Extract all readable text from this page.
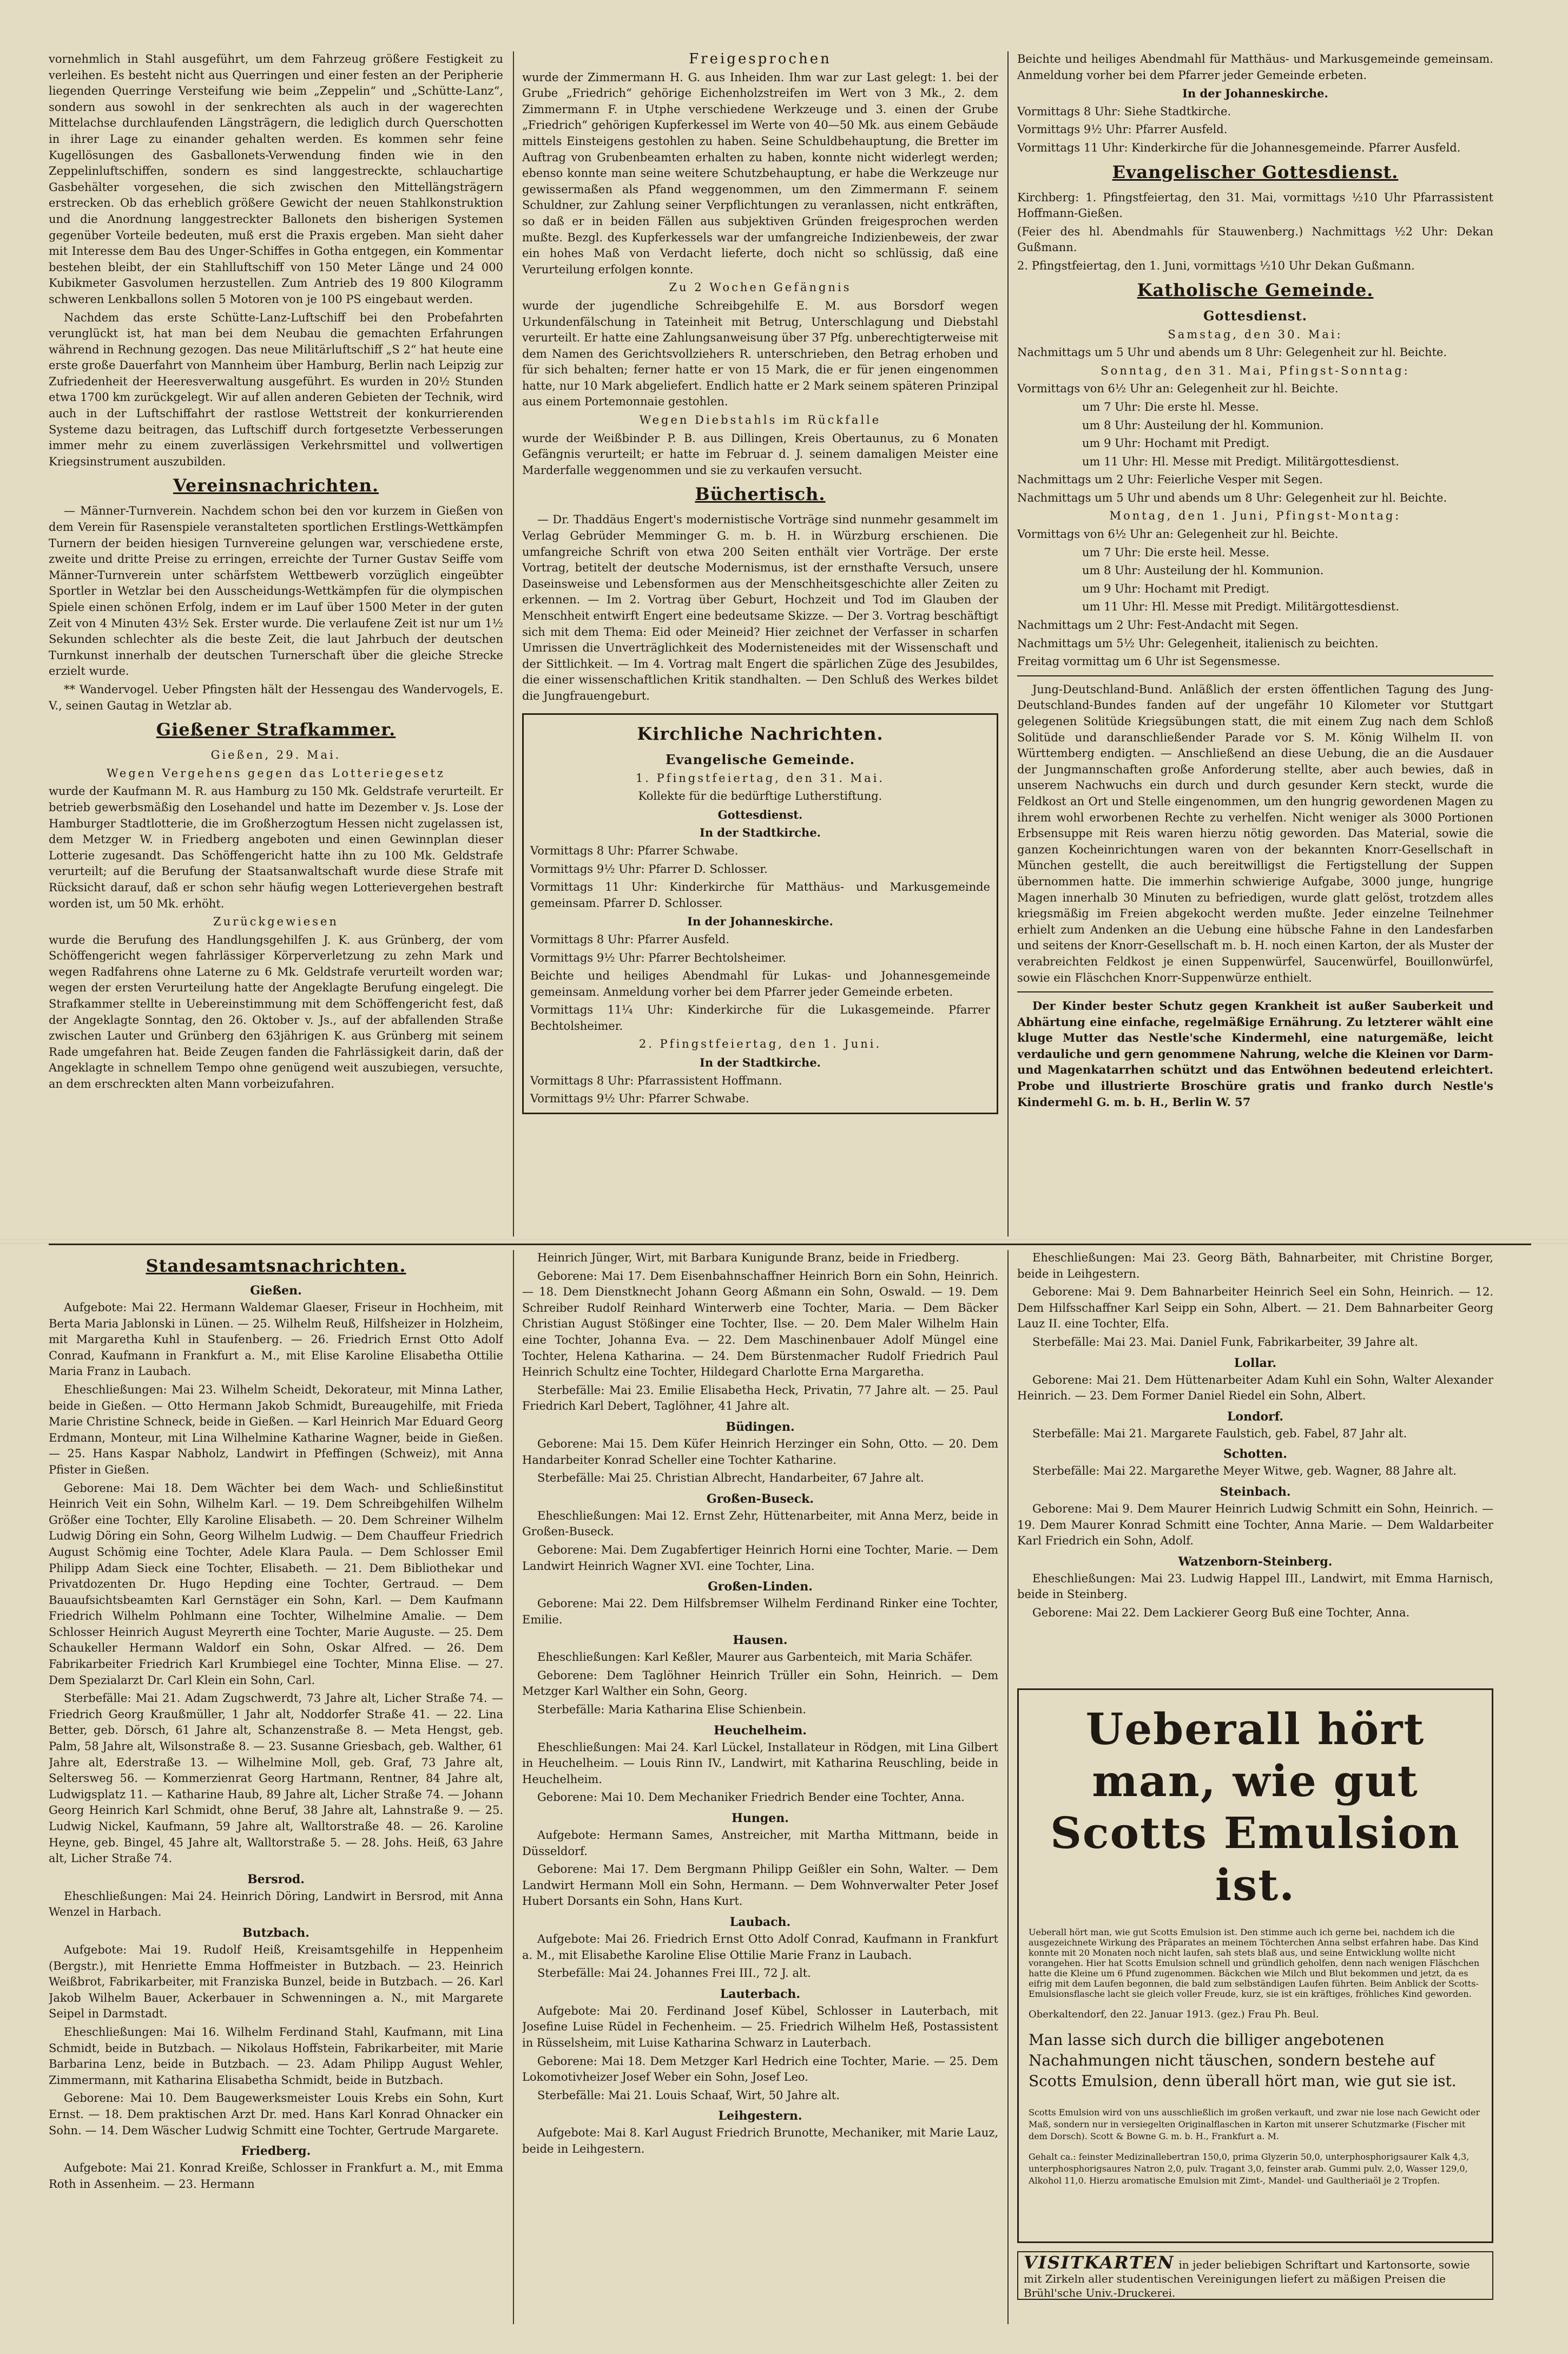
vornehmlich in Stahl ausgeführt, um dem Fahrzeug größere Festigkeit zu verleihen. Es besteht nicht aus Querringen und einer festen an der Peripherie liegenden Querringe Versteifung wie beim „Zeppelin“ und „Schütte-Lanz“, sondern aus sowohl in der senkrechten als auch in der wagerechten Mittelachse durchlaufenden Längsträgern, die lediglich durch Querschotten in ihrer Lage zu einander gehalten werden. Es kommen sehr feine Kugellösungen des Gasballonets-Verwendung finden wie in den Zeppelinluftschiffen, sondern es sind langgestreckte, schlauchartige Gasbehälter vorgesehen, die sich zwischen den Mittellängsträgern erstrecken. Ob das erheblich größere Gewicht der neuen Stahlkonstruktion und die Anordnung langgestreckter Ballonets den bisherigen Systemen gegenüber Vorteile bedeuten, muß erst die Praxis ergeben. Man sieht daher mit Interesse dem Bau des Unger-Schiffes in Gotha entgegen, ein Kommentar bestehen bleibt, der ein Stahlluftschiff von 150 Meter Länge und 24 000 Kubikmeter Gasvolumen herzustellen. Zum Antrieb des 19 800 Kilogramm schweren Lenkballons sollen 5 Motoren von je 100 PS eingebaut werden.

Nachdem das erste Schütte-Lanz-Luftschiff bei den Probefahrten verunglückt ist, hat man bei dem Neubau die gemachten Erfahrungen während in Rechnung gezogen. Das neue Militärluftschiff „S 2“ hat heute eine erste große Dauerfahrt von Mannheim über Hamburg, Berlin nach Leipzig zur Zufriedenheit der Heeresverwaltung ausgeführt. Es wurden in 20½ Stunden etwa 1700 km zurückgelegt. Wir auf allen anderen Gebieten der Technik, wird auch in der Luftschiffahrt der rastlose Wettstreit der konkurrierenden Systeme dazu beitragen, das Luftschiff durch fortgesetzte Verbesserungen immer mehr zu einem zuverlässigen Verkehrsmittel und vollwertigen Kriegsinstrument auszubilden.

Vereinsnachrichten.

— Männer-Turnverein. Nachdem schon bei den vor kurzem in Gießen von dem Verein für Rasenspiele veranstalteten sportlichen Erstlings-Wettkämpfen Turnern der beiden hiesigen Turnvereine gelungen war, verschiedene erste, zweite und dritte Preise zu erringen, erreichte der Turner Gustav Seiffe vom Männer-Turnverein unter schärfstem Wettbewerb vorzüglich eingeübter Sportler in Wetzlar bei den Ausscheidungs-Wettkämpfen für die olympischen Spiele einen schönen Erfolg, indem er im Lauf über 1500 Meter in der guten Zeit von 4 Minuten 43½ Sek. Erster wurde. Die verlaufene Zeit ist nur um 1½ Sekunden schlechter als die beste Zeit, die laut Jahrbuch der deutschen Turnkunst innerhalb der deutschen Turnerschaft über die gleiche Strecke erzielt wurde.

** Wandervogel. Ueber Pfingsten hält der Hessengau des Wandervogels, E. V., seinen Gautag in Wetzlar ab.

Gießener Strafkammer.

Gießen, 29. Mai.

Wegen Vergehens gegen das Lotteriegesetz

wurde der Kaufmann M. R. aus Hamburg zu 150 Mk. Geldstrafe verurteilt. Er betrieb gewerbsmäßig den Losehandel und hatte im Dezember v. Js. Lose der Hamburger Stadtlotterie, die im Großherzogtum Hessen nicht zugelassen ist, dem Metzger W. in Friedberg angeboten und einen Gewinnplan dieser Lotterie zugesandt. Das Schöffengericht hatte ihn zu 100 Mk. Geldstrafe verurteilt; auf die Berufung der Staatsanwaltschaft wurde diese Strafe mit Rücksicht darauf, daß er schon sehr häufig wegen Lotterievergehen bestraft worden ist, um 50 Mk. erhöht.

Zurückgewiesen

wurde die Berufung des Handlungsgehilfen J. K. aus Grünberg, der vom Schöffengericht wegen fahrlässiger Körperverletzung zu zehn Mark und wegen Radfahrens ohne Laterne zu 6 Mk. Geldstrafe verurteilt worden war; wegen der ersten Verurteilung hatte der Angeklagte Berufung eingelegt. Die Strafkammer stellte in Uebereinstimmung mit dem Schöffengericht fest, daß der Angeklagte Sonntag, den 26. Oktober v. Js., auf der abfallenden Straße zwischen Lauter und Grünberg den 63jährigen K. aus Grünberg mit seinem Rade umgefahren hat. Beide Zeugen fanden die Fahrlässigkeit darin, daß der Angeklagte in schnellem Tempo ohne genügend weit auszubiegen, versuchte, an dem erschreckten alten Mann vorbeizufahren.

Freigesprochen

wurde der Zimmermann H. G. aus Inheiden. Ihm war zur Last gelegt: 1. bei der Grube „Friedrich“ gehörige Eichenholzstreifen im Wert von 3 Mk., 2. dem Zimmermann F. in Utphe verschiedene Werkzeuge und 3. einen der Grube „Friedrich“ gehörigen Kupferkessel im Werte von 40—50 Mk. aus einem Gebäude mittels Einsteigens gestohlen zu haben. Seine Schuldbehauptung, die Bretter im Auftrag von Grubenbeamten erhalten zu haben, konnte nicht widerlegt werden; ebenso konnte man seine weitere Schutzbehauptung, er habe die Werkzeuge nur gewissermaßen als Pfand weggenommen, um den Zimmermann F. seinem Schuldner, zur Zahlung seiner Verpflichtungen zu veranlassen, nicht entkräften, so daß er in beiden Fällen aus subjektiven Gründen freigesprochen werden mußte. Bezgl. des Kupferkessels war der umfangreiche Indizienbeweis, der zwar ein hohes Maß von Verdacht lieferte, doch nicht so schlüssig, daß eine Verurteilung erfolgen konnte.

Zu 2 Wochen Gefängnis

wurde der jugendliche Schreibgehilfe E. M. aus Borsdorf wegen Urkundenfälschung in Tateinheit mit Betrug, Unterschlagung und Diebstahl verurteilt. Er hatte eine Zahlungsanweisung über 37 Pfg. unberechtigterweise mit dem Namen des Gerichtsvollziehers R. unterschrieben, den Betrag erhoben und für sich behalten; ferner hatte er von 15 Mark, die er für jenen eingenommen hatte, nur 10 Mark abgeliefert. Endlich hatte er 2 Mark seinem späteren Prinzipal aus einem Portemonnaie gestohlen.

Wegen Diebstahls im Rückfalle

wurde der Weißbinder P. B. aus Dillingen, Kreis Obertaunus, zu 6 Monaten Gefängnis verurteilt; er hatte im Februar d. J. seinem damaligen Meister eine Marderfalle weggenommen und sie zu verkaufen versucht.

Büchertisch.

— Dr. Thaddäus Engert's modernistische Vorträge sind nunmehr gesammelt im Verlag Gebrüder Memminger G. m. b. H. in Würzburg erschienen. Die umfangreiche Schrift von etwa 200 Seiten enthält vier Vorträge. Der erste Vortrag, betitelt der deutsche Modernismus, ist der ernsthafte Versuch, unsere Daseinsweise und Lebensformen aus der Menschheitsgeschichte aller Zeiten zu erkennen. — Im 2. Vortrag über Geburt, Hochzeit und Tod im Glauben der Menschheit entwirft Engert eine bedeutsame Skizze. — Der 3. Vortrag beschäftigt sich mit dem Thema: Eid oder Meineid? Hier zeichnet der Verfasser in scharfen Umrissen die Unverträglichkeit des Modernisteneides mit der Wissenschaft und der Sittlichkeit. — Im 4. Vortrag malt Engert die spärlichen Züge des Jesubildes, die einer wissenschaftlichen Kritik standhalten. — Den Schluß des Werkes bildet die Jungfrauengeburt.

Kirchliche Nachrichten.
Evangelische Gemeinde.

1. Pfingstfeiertag, den 31. Mai.

Kollekte für die bedürftige Lutherstiftung.

Gottesdienst.

In der Stadtkirche.

Vormittags 8 Uhr: Pfarrer Schwabe.

Vormittags 9½ Uhr: Pfarrer D. Schlosser.

Vormittags 11 Uhr: Kinderkirche für Matthäus- und Markusgemeinde gemeinsam. Pfarrer D. Schlosser.

In der Johanneskirche.

Vormittags 8 Uhr: Pfarrer Ausfeld.

Vormittags 9½ Uhr: Pfarrer Bechtolsheimer.

Beichte und heiliges Abendmahl für Lukas- und Johannesgemeinde gemeinsam. Anmeldung vorher bei dem Pfarrer jeder Gemeinde erbeten.

Vormittags 11¼ Uhr: Kinderkirche für die Lukasgemeinde. Pfarrer Bechtolsheimer.

2. Pfingstfeiertag, den 1. Juni.

In der Stadtkirche.

Vormittags 8 Uhr: Pfarrassistent Hoffmann.

Vormittags 9½ Uhr: Pfarrer Schwabe.

Beichte und heiliges Abendmahl für Matthäus- und Markusgemeinde gemeinsam. Anmeldung vorher bei dem Pfarrer jeder Gemeinde erbeten.

In der Johanneskirche.

Vormittags 8 Uhr: Siehe Stadtkirche.

Vormittags 9½ Uhr: Pfarrer Ausfeld.

Vormittags 11 Uhr: Kinderkirche für die Johannesgemeinde. Pfarrer Ausfeld.

Evangelischer Gottesdienst.

Kirchberg: 1. Pfingstfeiertag, den 31. Mai, vormittags ½10 Uhr Pfarrassistent Hoffmann-Gießen.

(Feier des hl. Abendmahls für Stauwenberg.) Nachmittags ½2 Uhr: Dekan Gußmann.

2. Pfingstfeiertag, den 1. Juni, vormittags ½10 Uhr Dekan Gußmann.

Katholische Gemeinde.
Gottesdienst.

Samstag, den 30. Mai:

Nachmittags um 5 Uhr und abends um 8 Uhr: Gelegenheit zur hl. Beichte.

Sonntag, den 31. Mai, Pfingst-Sonntag:

Vormittags von 6½ Uhr an: Gelegenheit zur hl. Beichte.

um 7 Uhr: Die erste hl. Messe.

um 8 Uhr: Austeilung der hl. Kommunion.

um 9 Uhr: Hochamt mit Predigt.

um 11 Uhr: Hl. Messe mit Predigt. Militärgottesdienst.

Nachmittags um 2 Uhr: Feierliche Vesper mit Segen.

Nachmittags um 5 Uhr und abends um 8 Uhr: Gelegenheit zur hl. Beichte.

Montag, den 1. Juni, Pfingst-Montag:

Vormittags von 6½ Uhr an: Gelegenheit zur hl. Beichte.

um 7 Uhr: Die erste heil. Messe.

um 8 Uhr: Austeilung der hl. Kommunion.

um 9 Uhr: Hochamt mit Predigt.

um 11 Uhr: Hl. Messe mit Predigt. Militärgottesdienst.

Nachmittags um 2 Uhr: Fest-Andacht mit Segen.

Nachmittags um 5½ Uhr: Gelegenheit, italienisch zu beichten.

Freitag vormittag um 6 Uhr ist Segensmesse.

Jung-Deutschland-Bund. Anläßlich der ersten öffentlichen Tagung des Jung-Deutschland-Bundes fanden auf der ungefähr 10 Kilometer vor Stuttgart gelegenen Solitüde Kriegsübungen statt, die mit einem Zug nach dem Schloß Solitüde und daranschließender Parade vor S. M. König Wilhelm II. von Württemberg endigten. — Anschließend an diese Uebung, die an die Ausdauer der Jungmannschaften große Anforderung stellte, aber auch bewies, daß in unserem Nachwuchs ein durch und durch gesunder Kern steckt, wurde die Feldkost an Ort und Stelle eingenommen, um den hungrig gewordenen Magen zu ihrem wohl erworbenen Rechte zu verhelfen. Nicht weniger als 3000 Portionen Erbsensuppe mit Reis waren hierzu nötig geworden. Das Material, sowie die ganzen Kocheinrichtungen waren von der bekannten Knorr-Gesellschaft in München gestellt, die auch bereitwilligst die Fertigstellung der Suppen übernommen hatte. Die immerhin schwierige Aufgabe, 3000 junge, hungrige Magen innerhalb 30 Minuten zu befriedigen, wurde glatt gelöst, trotzdem alles kriegsmäßig im Freien abgekocht werden mußte. Jeder einzelne Teilnehmer erhielt zum Andenken an die Uebung eine hübsche Fahne in den Landesfarben und seitens der Knorr-Gesellschaft m. b. H. noch einen Karton, der als Muster der verabreichten Feldkost je einen Suppenwürfel, Saucenwürfel, Bouillonwürfel, sowie ein Fläschchen Knorr-Suppenwürze enthielt.

Der Kinder bester Schutz gegen Krankheit ist außer Sauberkeit und Abhärtung eine einfache, regelmäßige Ernährung. Zu letzterer wählt eine kluge Mutter das Nestle'sche Kindermehl, eine naturgemäße, leicht verdauliche und gern genommene Nahrung, welche die Kleinen vor Darm- und Magenkatarrhen schützt und das Entwöhnen bedeutend erleichtert. Probe und illustrierte Broschüre gratis und franko durch Nestle's Kindermehl G. m. b. H., Berlin W. 57

Standesamtsnachrichten.
Gießen.

Aufgebote: Mai 22. Hermann Waldemar Glaeser, Friseur in Hochheim, mit Berta Maria Jablonski in Lünen. — 25. Wilhelm Reuß, Hilfsheizer in Holzheim, mit Margaretha Kuhl in Staufenberg. — 26. Friedrich Ernst Otto Adolf Conrad, Kaufmann in Frankfurt a. M., mit Elise Karoline Elisabetha Ottilie Maria Franz in Laubach.

Eheschließungen: Mai 23. Wilhelm Scheidt, Dekorateur, mit Minna Lather, beide in Gießen. — Otto Hermann Jakob Schmidt, Bureaugehilfe, mit Frieda Marie Christine Schneck, beide in Gießen. — Karl Heinrich Mar Eduard Georg Erdmann, Monteur, mit Lina Wilhelmine Katharine Wagner, beide in Gießen. — 25. Hans Kaspar Nabholz, Landwirt in Pfeffingen (Schweiz), mit Anna Pfister in Gießen.

Geborene: Mai 18. Dem Wächter bei dem Wach- und Schließinstitut Heinrich Veit ein Sohn, Wilhelm Karl. — 19. Dem Schreibgehilfen Wilhelm Größer eine Tochter, Elly Karoline Elisabeth. — 20. Dem Schreiner Wilhelm Ludwig Döring ein Sohn, Georg Wilhelm Ludwig. — Dem Chauffeur Friedrich August Schömig eine Tochter, Adele Klara Paula. — Dem Schlosser Emil Philipp Adam Sieck eine Tochter, Elisabeth. — 21. Dem Bibliothekar und Privatdozenten Dr. Hugo Hepding eine Tochter, Gertraud. — Dem Bauaufsichtsbeamten Karl Gernstäger ein Sohn, Karl. — Dem Kaufmann Friedrich Wilhelm Pohlmann eine Tochter, Wilhelmine Amalie. — Dem Schlosser Heinrich August Meyrerth eine Tochter, Marie Auguste. — 25. Dem Schaukeller Hermann Waldorf ein Sohn, Oskar Alfred. — 26. Dem Fabrikarbeiter Friedrich Karl Krumbiegel eine Tochter, Minna Elise. — 27. Dem Spezialarzt Dr. Carl Klein ein Sohn, Carl.

Sterbefälle: Mai 21. Adam Zugschwerdt, 73 Jahre alt, Licher Straße 74. — Friedrich Georg Kraußmüller, 1 Jahr alt, Noddorfer Straße 41. — 22. Lina Better, geb. Dörsch, 61 Jahre alt, Schanzenstraße 8. — Meta Hengst, geb. Palm, 58 Jahre alt, Wilsonstraße 8. — 23. Susanne Griesbach, geb. Walther, 61 Jahre alt, Ederstraße 13. — Wilhelmine Moll, geb. Graf, 73 Jahre alt, Seltersweg 56. — Kommerzienrat Georg Hartmann, Rentner, 84 Jahre alt, Ludwigsplatz 11. — Katharine Haub, 89 Jahre alt, Licher Straße 74. — Johann Georg Heinrich Karl Schmidt, ohne Beruf, 38 Jahre alt, Lahnstraße 9. — 25. Ludwig Nickel, Kaufmann, 59 Jahre alt, Walltorstraße 48. — 26. Karoline Heyne, geb. Bingel, 45 Jahre alt, Walltorstraße 5. — 28. Johs. Heiß, 63 Jahre alt, Licher Straße 74.

Bersrod.

Eheschließungen: Mai 24. Heinrich Döring, Landwirt in Bersrod, mit Anna Wenzel in Harbach.

Butzbach.

Aufgebote: Mai 19. Rudolf Heiß, Kreisamtsgehilfe in Heppenheim (Bergstr.), mit Henriette Emma Hoffmeister in Butzbach. — 23. Heinrich Weißbrot, Fabrikarbeiter, mit Franziska Bunzel, beide in Butzbach. — 26. Karl Jakob Wilhelm Bauer, Ackerbauer in Schwenningen a. N., mit Margarete Seipel in Darmstadt.

Eheschließungen: Mai 16. Wilhelm Ferdinand Stahl, Kaufmann, mit Lina Schmidt, beide in Butzbach. — Nikolaus Hoffstein, Fabrikarbeiter, mit Marie Barbarina Lenz, beide in Butzbach. — 23. Adam Philipp August Wehler, Zimmermann, mit Katharina Elisabetha Schmidt, beide in Butzbach.

Geborene: Mai 10. Dem Baugewerksmeister Louis Krebs ein Sohn, Kurt Ernst. — 18. Dem praktischen Arzt Dr. med. Hans Karl Konrad Ohnacker ein Sohn. — 14. Dem Wäscher Ludwig Schmitt eine Tochter, Gertrude Margarete.

Friedberg.

Aufgebote: Mai 21. Konrad Kreiße, Schlosser in Frankfurt a. M., mit Emma Roth in Assenheim. — 23. Hermann

Heinrich Jünger, Wirt, mit Barbara Kunigunde Branz, beide in Friedberg.

Geborene: Mai 17. Dem Eisenbahnschaffner Heinrich Born ein Sohn, Heinrich. — 18. Dem Dienstknecht Johann Georg Aßmann ein Sohn, Oswald. — 19. Dem Schreiber Rudolf Reinhard Winterwerb eine Tochter, Maria. — Dem Bäcker Christian August Stößinger eine Tochter, Ilse. — 20. Dem Maler Wilhelm Hain eine Tochter, Johanna Eva. — 22. Dem Maschinenbauer Adolf Müngel eine Tochter, Helena Katharina. — 24. Dem Bürstenmacher Rudolf Friedrich Paul Heinrich Schultz eine Tochter, Hildegard Charlotte Erna Margaretha.

Sterbefälle: Mai 23. Emilie Elisabetha Heck, Privatin, 77 Jahre alt. — 25. Paul Friedrich Karl Debert, Taglöhner, 41 Jahre alt.

Büdingen.

Geborene: Mai 15. Dem Küfer Heinrich Herzinger ein Sohn, Otto. — 20. Dem Handarbeiter Konrad Scheller eine Tochter Katharine.

Sterbefälle: Mai 25. Christian Albrecht, Handarbeiter, 67 Jahre alt.

Großen-Buseck.

Eheschließungen: Mai 12. Ernst Zehr, Hüttenarbeiter, mit Anna Merz, beide in Großen-Buseck.

Geborene: Mai. Dem Zugabfertiger Heinrich Horni eine Tochter, Marie. — Dem Landwirt Heinrich Wagner XVI. eine Tochter, Lina.

Großen-Linden.

Geborene: Mai 22. Dem Hilfsbremser Wilhelm Ferdinand Rinker eine Tochter, Emilie.

Hausen.

Eheschließungen: Karl Keßler, Maurer aus Garbenteich, mit Maria Schäfer.

Geborene: Dem Taglöhner Heinrich Trüller ein Sohn, Heinrich. — Dem Metzger Karl Walther ein Sohn, Georg.

Sterbefälle: Maria Katharina Elise Schienbein.

Heuchelheim.

Eheschließungen: Mai 24. Karl Lückel, Installateur in Rödgen, mit Lina Gilbert in Heuchelheim. — Louis Rinn IV., Landwirt, mit Katharina Reuschling, beide in Heuchelheim.

Geborene: Mai 10. Dem Mechaniker Friedrich Bender eine Tochter, Anna.

Hungen.

Aufgebote: Hermann Sames, Anstreicher, mit Martha Mittmann, beide in Düsseldorf.

Geborene: Mai 17. Dem Bergmann Philipp Geißler ein Sohn, Walter. — Dem Landwirt Hermann Moll ein Sohn, Hermann. — Dem Wohnverwalter Peter Josef Hubert Dorsants ein Sohn, Hans Kurt.

Laubach.

Aufgebote: Mai 26. Friedrich Ernst Otto Adolf Conrad, Kaufmann in Frankfurt a. M., mit Elisabethe Karoline Elise Ottilie Marie Franz in Laubach.

Sterbefälle: Mai 24. Johannes Frei III., 72 J. alt.

Lauterbach.

Aufgebote: Mai 20. Ferdinand Josef Kübel, Schlosser in Lauterbach, mit Josefine Luise Rüdel in Fechenheim. — 25. Friedrich Wilhelm Heß, Postassistent in Rüsselsheim, mit Luise Katharina Schwarz in Lauterbach.

Geborene: Mai 18. Dem Metzger Karl Hedrich eine Tochter, Marie. — 25. Dem Lokomotivheizer Josef Weber ein Sohn, Josef Leo.

Sterbefälle: Mai 21. Louis Schaaf, Wirt, 50 Jahre alt.

Leihgestern.

Aufgebote: Mai 8. Karl August Friedrich Brunotte, Mechaniker, mit Marie Lauz, beide in Leihgestern.

Eheschließungen: Mai 23. Georg Bäth, Bahnarbeiter, mit Christine Borger, beide in Leihgestern.

Geborene: Mai 9. Dem Bahnarbeiter Heinrich Seel ein Sohn, Heinrich. — 12. Dem Hilfsschaffner Karl Seipp ein Sohn, Albert. — 21. Dem Bahnarbeiter Georg Lauz II. eine Tochter, Elfa.

Sterbefälle: Mai 23. Mai. Daniel Funk, Fabrikarbeiter, 39 Jahre alt.

Lollar.

Geborene: Mai 21. Dem Hüttenarbeiter Adam Kuhl ein Sohn, Walter Alexander Heinrich. — 23. Dem Former Daniel Riedel ein Sohn, Albert.

Londorf.

Sterbefälle: Mai 21. Margarete Faulstich, geb. Fabel, 87 Jahr alt.

Schotten.

Sterbefälle: Mai 22. Margarethe Meyer Witwe, geb. Wagner, 88 Jahre alt.

Steinbach.

Geborene: Mai 9. Dem Maurer Heinrich Ludwig Schmitt ein Sohn, Heinrich. — 19. Dem Maurer Konrad Schmitt eine Tochter, Anna Marie. — Dem Waldarbeiter Karl Friedrich ein Sohn, Adolf.

Watzenborn-Steinberg.

Eheschließungen: Mai 23. Ludwig Happel III., Landwirt, mit Emma Harnisch, beide in Steinberg.

Geborene: Mai 22. Dem Lackierer Georg Buß eine Tochter, Anna.

Ueberall hört man, wie gut Scotts Emulsion ist.

Ueberall hört man, wie gut Scotts Emulsion ist. Den stimme auch ich gerne bei, nachdem ich die ausgezeichnete Wirkung des Präparates an meinem Töchterchen Anna selbst erfahren habe. Das Kind konnte mit 20 Monaten noch nicht laufen, sah stets blaß aus, und seine Entwicklung wollte nicht vorangehen. Hier hat Scotts Emulsion schnell und gründlich geholfen, denn nach wenigen Fläschchen hatte die Kleine um 6 Pfund zugenommen. Bäckchen wie Milch und Blut bekommen und jetzt, da es eifrig mit dem Laufen begonnen, die bald zum selbständigen Laufen führten. Beim Anblick der Scotts-Emulsionsflasche lacht sie gleich voller Freude, kurz, sie ist ein kräftiges, fröhliches Kind geworden.

Oberkaltendorf, den 22. Januar 1913. (gez.) Frau Ph. Beul.

Man lasse sich durch die billiger angebotenen Nachahmungen nicht täuschen, sondern bestehe auf Scotts Emulsion, denn überall hört man, wie gut sie ist.

Scotts Emulsion wird von uns ausschließlich im großen verkauft, und zwar nie lose nach Gewicht oder Maß, sondern nur in versiegelten Originalflaschen in Karton mit unserer Schutzmarke (Fischer mit dem Dorsch). Scott & Bowne G. m. b. H., Frankfurt a. M.

Gehalt ca.: feinster Medizinallebertran 150,0, prima Glyzerin 50,0, unterphosphorigsaurer Kalk 4,3, unterphosphorigsaures Natron 2,0, pulv. Tragant 3,0, feinster arab. Gummi pulv. 2,0, Wasser 129,0, Alkohol 11,0. Hierzu aromatische Emulsion mit Zimt-, Mandel- und Gaultheriaöl je 2 Tropfen.

VISITKARTEN in jeder beliebigen Schriftart und Kartonsorte, sowie mit Zirkeln aller studentischen Vereinigungen liefert zu mäßigen Preisen die Brühl'sche Univ.-Druckerei.
